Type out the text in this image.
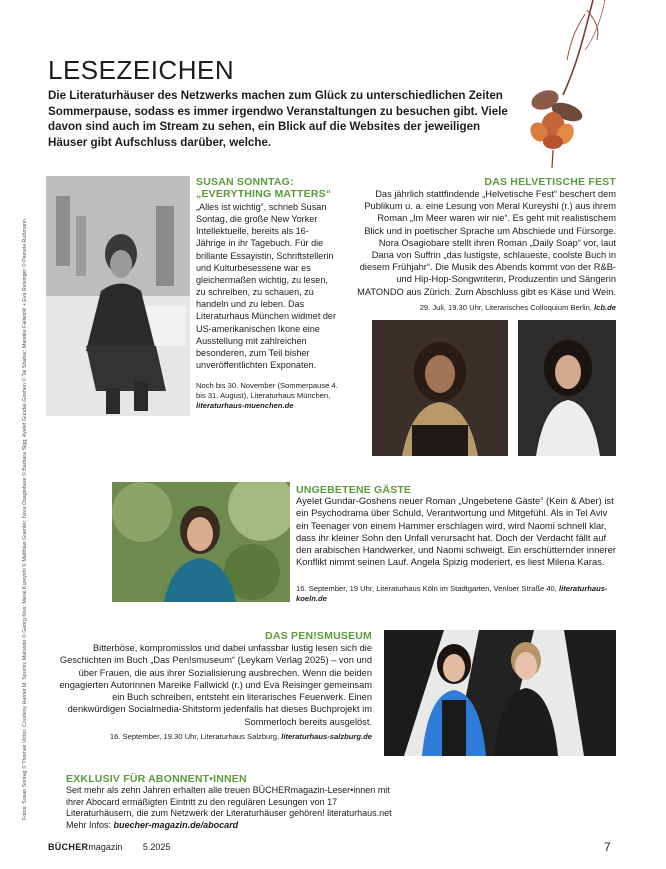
Fotos: Susan Sontag © Thomas Victor, Courtesy Harriet M. Spurlin; Matondo © Georg Kiss; Meral Kureyshi © Matthias Guenter; Nora Osagiobare © Barbara Sigg; Ayelet Gundar-Goshen © Tal Shahar; Mareike Fallwickl + Eva Reisinger © Pamela Rußmann
LESEZEICHEN

Die Literaturhäuser des Netzwerks machen zum Glück zu unterschiedlichen Zeiten Sommerpause, sodass es immer irgendwo Veranstaltungen zu besuchen gibt. Viele davon sind auch im Stream zu sehen, ein Blick auf die Websites der jeweiligen Häuser gibt Aufschluss darüber, welche.

SUSAN SONNTAG:
„EVERYTHING MATTERS“

„Alles ist wichtig“, schrieb Susan Sontag, die große New Yorker Intellektuelle, bereits als 16-Jährige in ihr Tagebuch. Für die brillante Essayistin, Schriftstellerin und Kulturbesessene war es gleichermaßen wichtig, zu lesen, zu schreiben, zu schauen, zu handeln und zu leben. Das Literaturhaus München widmet der US-amerikanischen Ikone eine Ausstellung mit zahlreichen besonderen, zum Teil bisher unveröffentlichten Exponaten.

Noch bis 30. November (Sommerpause 4. bis 31. August), Literaturhaus München, literaturhaus-muenchen.de

DAS HELVETISCHE FEST

Das jährlich stattfindende „Helvetische Fest“ beschert dem Publikum u. a. eine Lesung von Meral Kureyshi (r.) aus ihrem Roman „Im Meer waren wir nie“. Es geht mit realistischem Blick und in poetischer Sprache um Abschiede und Fürsorge. Nora Osagiobare stellt ihren Roman „Daily Soap“ vor, laut Dana von Suffrin „das lustigste, schlaueste, coolste Buch in diesem Frühjahr“. Die Musik des Abends kommt von der R&B- und Hip-Hop-Songwriterin, Produzentin und Sängerin MATONDO aus Zürich. Zum Abschluss gibt es Käse und Wein.

29. Juli, 19.30 Uhr, Literarisches Colloquium Berlin, lcb.de

UNGEBETENE GÄSTE

Ayelet Gundar-Goshens neuer Roman „Ungebetene Gäste“ (Kein & Aber) ist ein Psychodrama über Schuld, Verantwortung und Mitgefühl. Als in Tel Aviv ein Teenager von einem Hammer erschlagen wird, wird Naomi schnell klar, dass ihr kleiner Sohn den Unfall verursacht hat. Doch der Verdacht fällt auf den arabischen Handwerker, und Naomi schweigt. Ein erschütternder innerer Konflikt nimmt seinen Lauf. Angela Spizig moderiert, es liest Milena Karas.

16. September, 19 Uhr, Literaturhaus Köln im Stadtgarten, Venloer Straße 40, literaturhaus-koeln.de

DAS PEN!SMUSEUM

Bitterböse, kompromisslos und dabei unfassbar lustig lesen sich die Geschichten im Buch „Das Pen!smuseum“ (Leykam Verlag 2025) – von und über Frauen, die aus ihrer Sozialisierung ausbrechen. Wenn die beiden engagierten Autorinnen Mareike Fallwickl (r.) und Eva Reisinger gemeinsam ein Buch schreiben, entsteht ein literarisches Feuerwerk. Einen denkwürdigen Socialmedia-Shitstorm jedenfalls hat dieses Buchprojekt im Sommerloch bereits ausgelöst.

16. September, 19.30 Uhr, Literaturhaus Salzburg, literaturhaus-salzburg.de

EXKLUSIV FÜR ABONNENT•INNEN

Seit mehr als zehn Jahren erhalten alle treuen BÜCHERmagazin-Leser•innen mit ihrer Abocard ermäßigten Eintritt zu den regulären Lesungen von 17 Literaturhäusern, die zum Netzwerk der Literaturhäuser gehören! literaturhaus.net Mehr Infos: buecher-magazin.de/abocard

BÜCHERmagazin 5.2025	7
